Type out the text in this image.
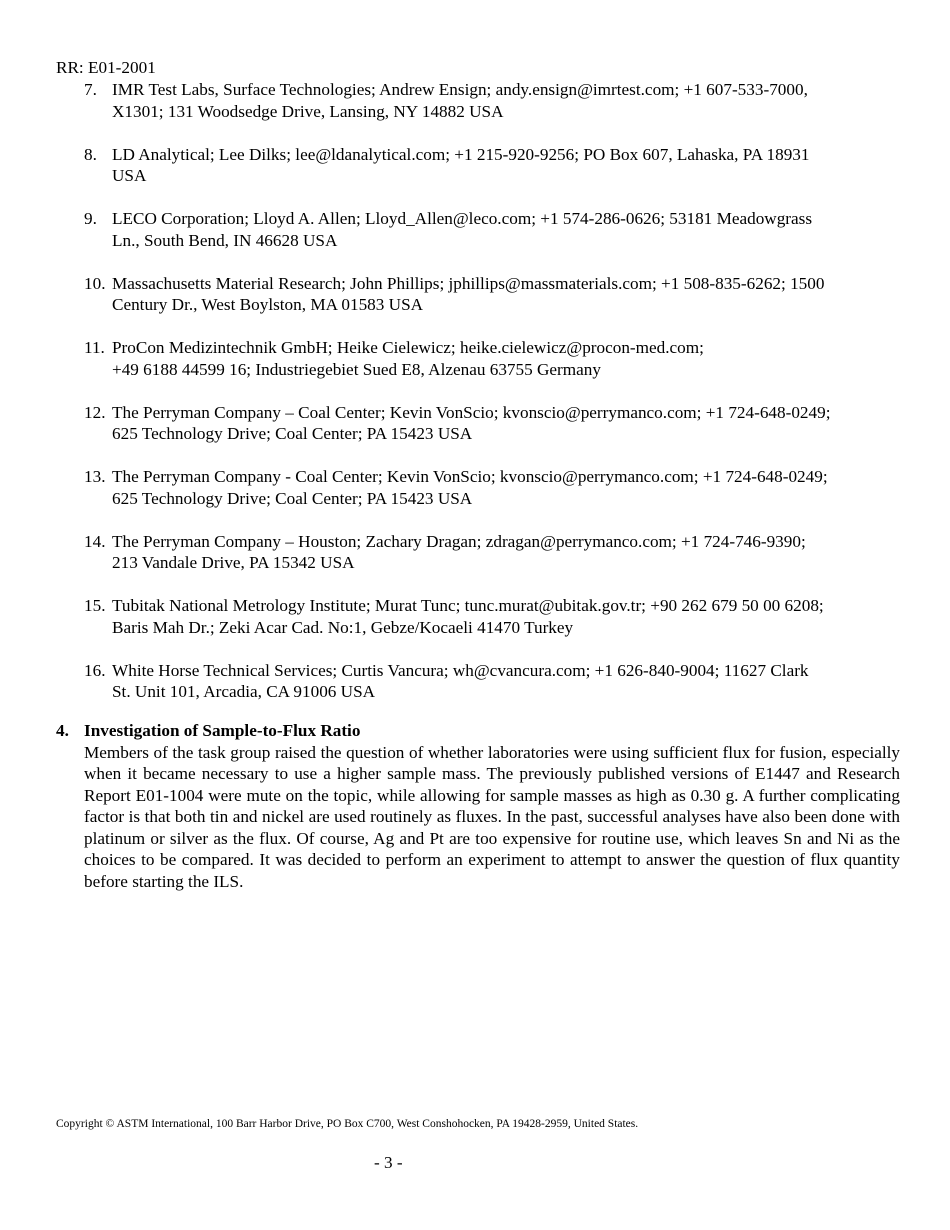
RR: E01-2001
7. IMR Test Labs, Surface Technologies; Andrew Ensign; andy.ensign@imrtest.com; +1 607-533-7000,
X1301; 131 Woodsedge Drive, Lansing, NY 14882 USA
8. LD Analytical; Lee Dilks; lee@ldanalytical.com; +1 215-920-9256; PO Box 607, Lahaska, PA 18931
USA
9. LECO Corporation; Lloyd A. Allen; Lloyd_Allen@leco.com; +1 574-286-0626; 53181 Meadowgrass
Ln., South Bend, IN 46628 USA
10. Massachusetts Material Research; John Phillips; jphillips@massmaterials.com; +1 508-835-6262; 1500
Century Dr., West Boylston, MA 01583 USA
11. ProCon Medizintechnik GmbH; Heike Cielewicz; heike.cielewicz@procon-med.com;
+49 6188 44599 16; Industriegebiet Sued E8, Alzenau 63755 Germany
12. The Perryman Company – Coal Center; Kevin VonScio; kvonscio@perrymanco.com; +1 724-648-0249;
625 Technology Drive; Coal Center; PA 15423 USA
13. The Perryman Company - Coal Center; Kevin VonScio; kvonscio@perrymanco.com; +1 724-648-0249;
625 Technology Drive; Coal Center; PA 15423 USA
14. The Perryman Company – Houston; Zachary Dragan; zdragan@perrymanco.com; +1 724-746-9390;
213 Vandale Drive, PA 15342 USA
15. Tubitak National Metrology Institute; Murat Tunc; tunc.murat@ubitak.gov.tr; +90 262 679 50 00 6208;
Baris Mah Dr.; Zeki Acar Cad. No:1, Gebze/Kocaeli 41470 Turkey
16. White Horse Technical Services; Curtis Vancura; wh@cvancura.com; +1 626-840-9004; 11627 Clark
St. Unit 101, Arcadia, CA 91006 USA
4. Investigation of Sample-to-Flux Ratio
Members of the task group raised the question of whether laboratories were using sufficient flux for fusion, especially when it became necessary to use a higher sample mass. The previously published versions of E1447 and Research Report E01-1004 were mute on the topic, while allowing for sample masses as high as 0.30 g. A further complicating factor is that both tin and nickel are used routinely as fluxes. In the past, successful analyses have also been done with platinum or silver as the flux. Of course, Ag and Pt are too expensive for routine use, which leaves Sn and Ni as the choices to be compared. It was decided to perform an experiment to attempt to answer the question of flux quantity before starting the ILS.
Copyright © ASTM International, 100 Barr Harbor Drive, PO Box C700, West Conshohocken, PA 19428-2959, United States.
- 3 -
